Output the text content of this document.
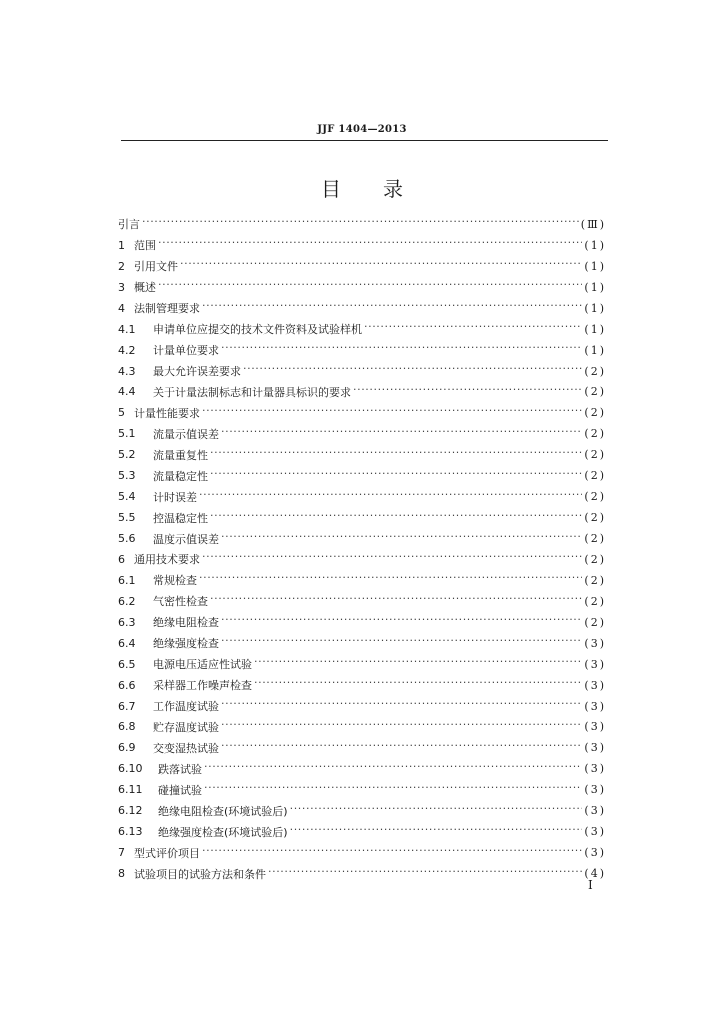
JJF 1404—2013
目 录
引言 ·····	(Ⅲ)
1 范围 ·····	(1)
2 引用文件 ·····	(1)
3 概述 ·····	(1)
4 法制管理要求 ·····	(1)
4.1	申请单位应提交的技术文件资料及试验样机 ·····	(1)
4.2	计量单位要求 ·····	(1)
4.3	最大允许误差要求 ·····	(2)
4.4	关于计量法制标志和计量器具标识的要求 ·····	(2)
5 计量性能要求 ·····	(2)
5.1	流量示值误差 ·····	(2)
5.2	流量重复性 ·····	(2)
5.3	流量稳定性 ·····	(2)
5.4	计时误差 ·····	(2)
5.5	控温稳定性 ·····	(2)
5.6	温度示值误差 ·····	(2)
6 通用技术要求 ·····	(2)
6.1	常规检查 ·····	(2)
6.2	气密性检查 ·····	(2)
6.3	绝缘电阻检查 ·····	(2)
6.4	绝缘强度检查 ·····	(3)
6.5	电源电压适应性试验 ·····	(3)
6.6	采样器工作噪声检查 ·····	(3)
6.7	工作温度试验 ·····	(3)
6.8	贮存温度试验 ·····	(3)
6.9	交变湿热试验 ·····	(3)
6.10	跌落试验 ·····	(3)
6.11	碰撞试验 ·····	(3)
6.12	绝缘电阻检查(环境试验后) ·····	(3)
6.13	绝缘强度检查(环境试验后) ·····	(3)
7 型式评价项目 ·····	(3)
8 试验项目的试验方法和条件 ·····	(4)
I
